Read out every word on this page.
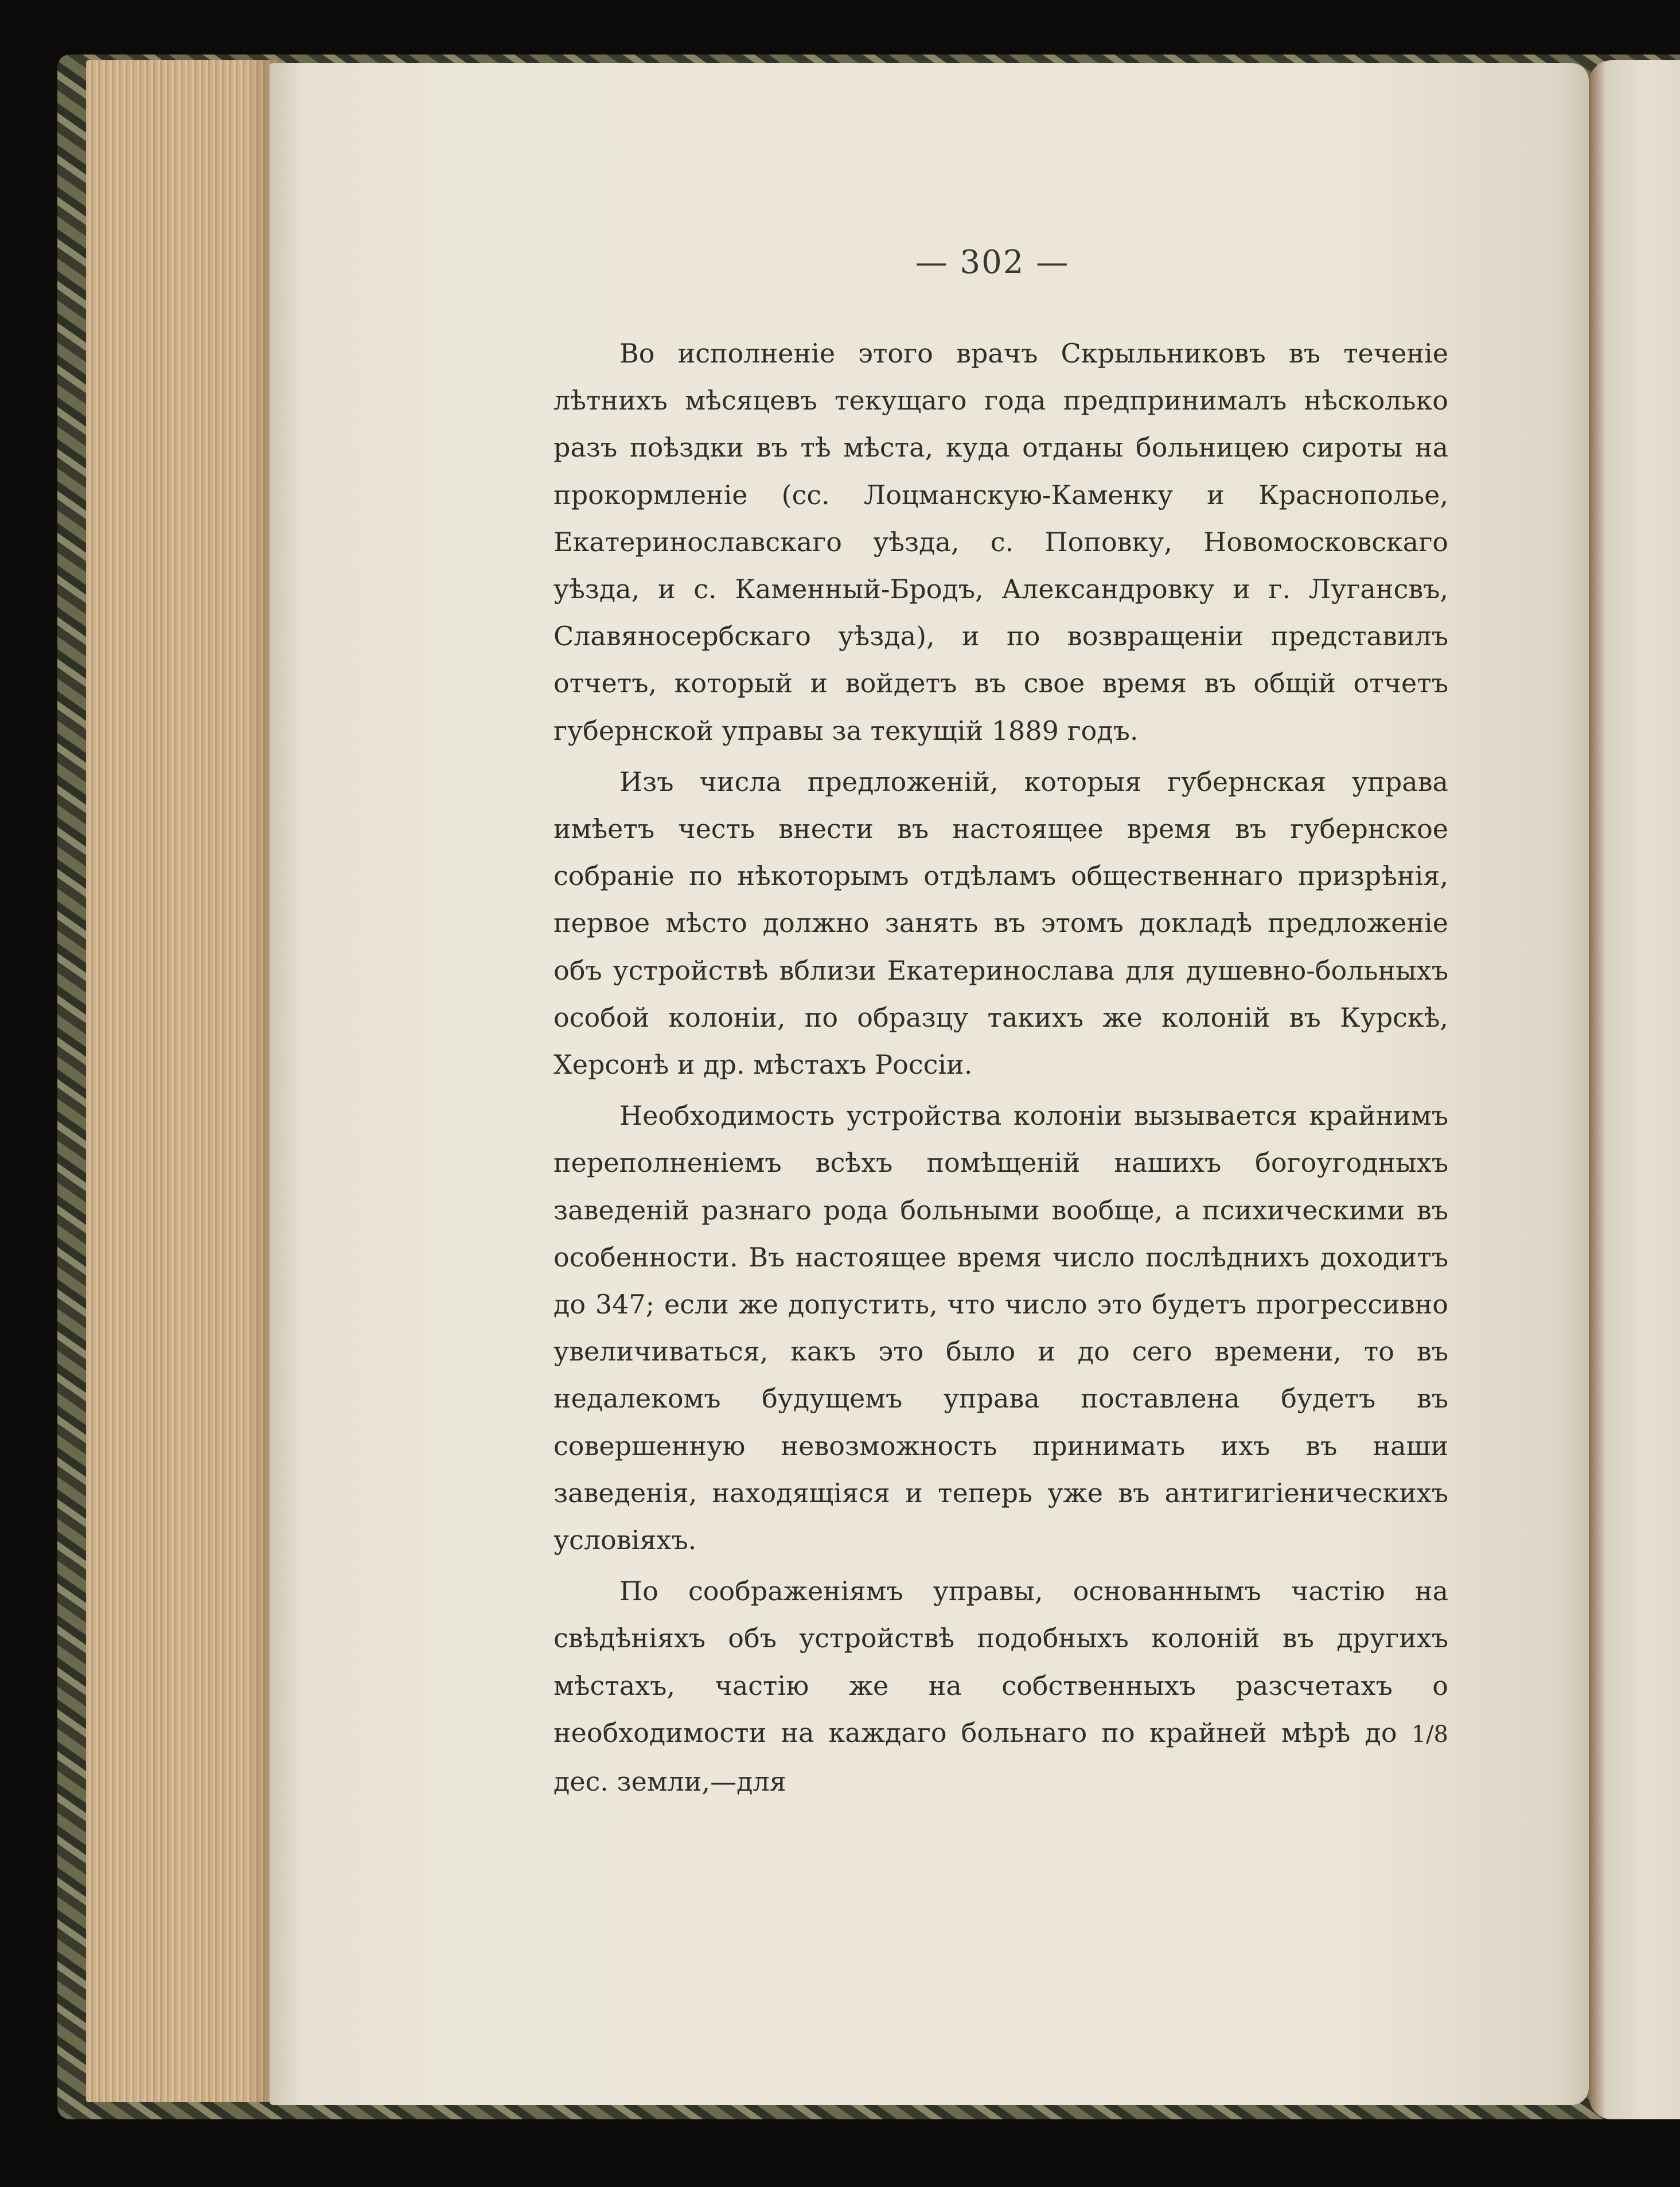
— 302 —

Во исполненіе этого врачъ Скрыльниковъ въ теченіе лѣтнихъ мѣсяцевъ текущаго года предпринималъ нѣсколько разъ поѣздки въ тѣ мѣста, куда отданы больницею сироты на прокормленіе (сс. Лоцманскую-Каменку и Краснополье, Екатеринославскаго уѣзда, с. Поповку, Новомосковскаго уѣзда, и с. Каменный-Бродъ, Александровку и г. Лугансвъ, Славяносербскаго уѣзда), и по возвращеніи представилъ отчетъ, который и войдетъ въ свое время въ общій отчетъ губернской управы за текущій 1889 годъ.

Изъ числа предложеній, которыя губернская управа имѣетъ честь внести въ настоящее время въ губернское собраніе по нѣкоторымъ отдѣламъ общественнаго призрѣнія, первое мѣсто должно занять въ этомъ докладѣ предложеніе объ устройствѣ вблизи Екатеринослава для душевно-больныхъ особой колоніи, по образцу такихъ же колоній въ Курскѣ, Херсонѣ и др. мѣстахъ Россіи.

Необходимость устройства колоніи вызывается крайнимъ переполненіемъ всѣхъ помѣщеній нашихъ богоугодныхъ заведеній разнаго рода больными вообще, а психическими въ особенности. Въ настоящее время число послѣднихъ доходитъ до 347; если же допустить, что число это будетъ прогрессивно увеличиваться, какъ это было и до сего времени, то въ недалекомъ будущемъ управа поставлена будетъ въ совершенную невозможность принимать ихъ въ наши заведенія, находящіяся и теперь уже въ антигигіеническихъ условіяхъ.

По соображеніямъ управы, основаннымъ частію на свѣдѣніяхъ объ устройствѣ подобныхъ колоній въ другихъ мѣстахъ, частію же на собственныхъ разсчетахъ о необходимости на каждаго больнаго по крайней мѣрѣ до 1/8 дес. земли,—для
